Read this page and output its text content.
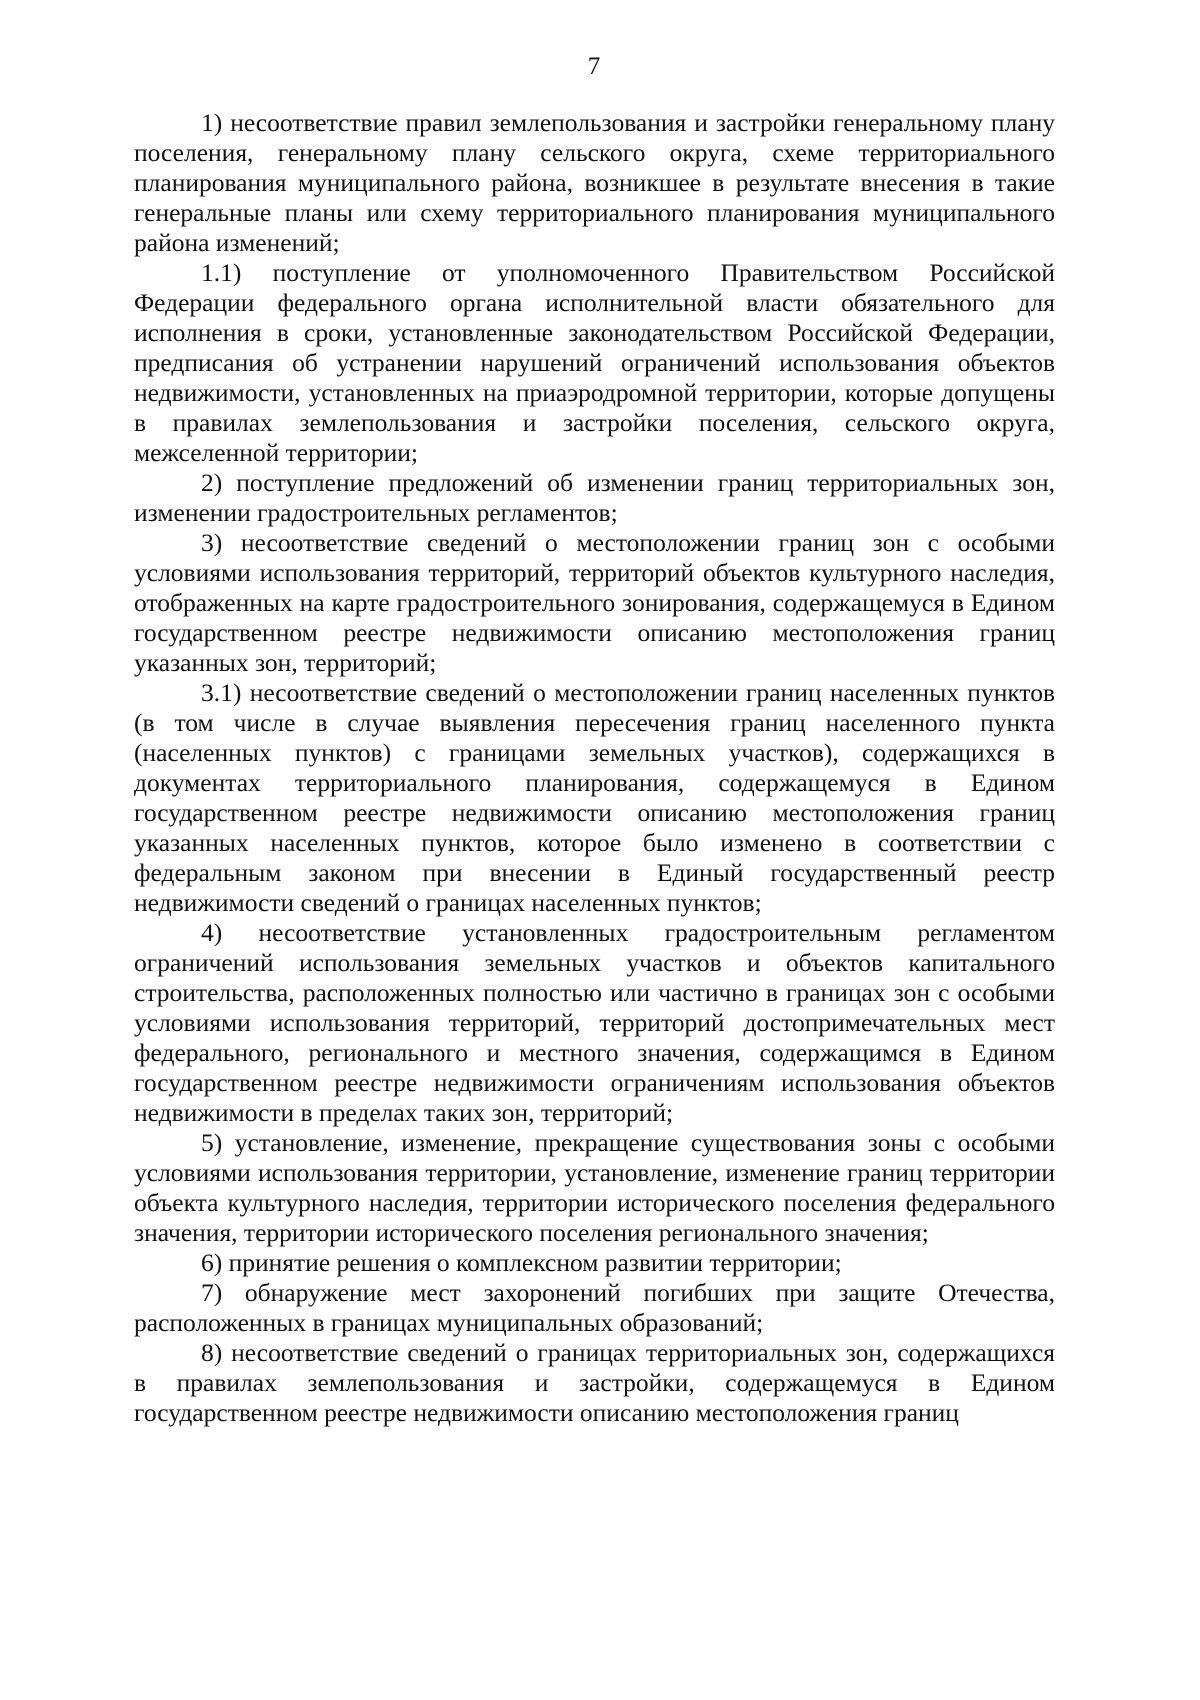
7

1) несоответствие правил землепользования и застройки генеральному плану поселения, генеральному плану сельского округа, схеме территориального планирования муниципального района, возникшее в результате внесения в такие генеральные планы или схему территориального планирования муниципального района изменений;

1.1) поступление от уполномоченного Правительством Российской Федерации федерального органа исполнительной власти обязательного для исполнения в сроки, установленные законодательством Российской Федерации, предписания об устранении нарушений ограничений использования объектов недвижимости, установленных на приаэродромной территории, которые допущены в правилах землепользования и застройки поселения, сельского округа, межселенной территории;

2) поступление предложений об изменении границ территориальных зон, изменении градостроительных регламентов;

3) несоответствие сведений о местоположении границ зон с особыми условиями использования территорий, территорий объектов культурного наследия, отображенных на карте градостроительного зонирования, содержащемуся в Едином государственном реестре недвижимости описанию местоположения границ указанных зон, территорий;

3.1) несоответствие сведений о местоположении границ населенных пунктов (в том числе в случае выявления пересечения границ населенного пункта (населенных пунктов) с границами земельных участков), содержащихся в документах территориального планирования, содержащемуся в Едином государственном реестре недвижимости описанию местоположения границ указанных населенных пунктов, которое было изменено в соответствии с федеральным законом при внесении в Единый государственный реестр недвижимости сведений о границах населенных пунктов;

4) несоответствие установленных градостроительным регламентом ограничений использования земельных участков и объектов капитального строительства, расположенных полностью или частично в границах зон с особыми условиями использования территорий, территорий достопримечательных мест федерального, регионального и местного значения, содержащимся в Едином государственном реестре недвижимости ограничениям использования объектов недвижимости в пределах таких зон, территорий;

5) установление, изменение, прекращение существования зоны с особыми условиями использования территории, установление, изменение границ территории объекта культурного наследия, территории исторического поселения федерального значения, территории исторического поселения регионального значения;

6) принятие решения о комплексном развитии территории;

7) обнаружение мест захоронений погибших при защите Отечества, расположенных в границах муниципальных образований;

8) несоответствие сведений о границах территориальных зон, содержащихся в правилах землепользования и застройки, содержащемуся в Едином государственном реестре недвижимости описанию местоположения границ
